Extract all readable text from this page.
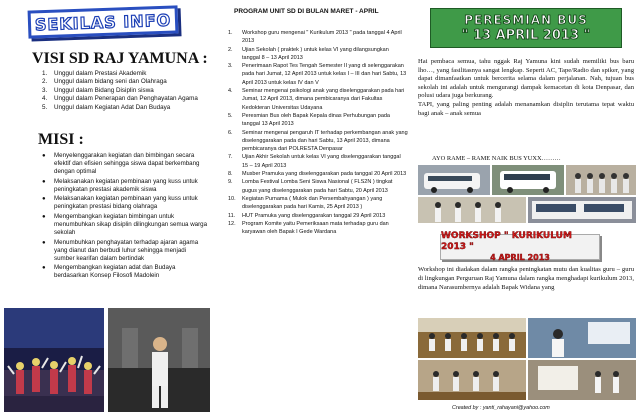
SEKILAS INFO
VISI SD RAJ YAMUNA :
1.	Unggul dalam Prestasi Akademik
2.	Unggul dalam bidang seni dan Olahraga
3.	Unggul dalam Bidang Disiplin siswa
4.	Unggul dalam Penerapan dan Penghayatan Agama
5.	Unggul dalam Kegiatan Adat Dan Budaya
MISI :
●	Menyelenggarakan kegiatan dan bimbingan secara efektif dan efisien sehingga siswa dapat berkembang dengan optimal
●	Melaksanakan kegiatan pembinaan yang kuss untuk peningkatan prestasi akademik siswa
●	Melaksanakan kegiatan pembinaan yang kuss untuk peningkatan prestasi bidang olahraga
●	Mengembangkan kegiatan bimbingan untuk menumbuhkan sikap disiplin dilingkungan semua warga sekolah
●	Menumbuhkan penghayatan terhadap ajaran agama yang dianut dan berbudi luhur sehingga menjadi sumber kearifan dalam bertindak
●	Mengembangkan kegiatan adat dan Budaya berdasarkan Konsep Filosofi Madolein
PROGRAM UNIT SD DI BULAN MARET - APRIL
1.	Workshop guru mengenai " Kurikulum 2013 " pada tanggal 4 April 2013
2.	Ujian Sekolah ( praktek ) untuk kelas VI yang dilangsungkan tanggal 8 – 13 April 2013
3.	Penerimaan Rapot Tes Tengah Semester II yang di selenggarakan pada hari Jumat, 12 April 2013 untuk kelas I – III dan hari Sabtu, 13 April 2013 untuk kelas IV dan V
4.	Seminar mengenai psikologi anak yang diselenggarakan pada hari Jumat, 12 April 2013, dimana pembicaranya dari Fakultas Kedokteran Universitas Udayana
5.	Peresmian Bus oleh Bapak Kepala dinas Perhubungan pada tanggal 13 April 2013
6.	Seminar mengenai pengaruh IT terhadap perkembangan anak yang diselenggarakan pada dan hari Sabtu, 13 April 2013, dimana pembicaranya dari POLRESTA Denpasar
7.	Ujian Akhir Sekolah untuk kelas VI yang diselenggarakan tanggal 15 – 19 April 2013
8.	Musber Pramuka yang diselenggarakan pada tanggal 20 April 2013
9.	Lomba Festival Lomba Seni Siswa Nasional ( FLS2N ) tingkat gugus yang diselenggarakan pada hari Sabtu, 20 April 2013
10.	Kegiatan Purnama ( Mulok dan Persembahyangan ) yang diselenggarakan pada hari Kamis, 25 April 2013 )
11.	HUT Pramuka yang diselenggarakan tanggal 29 April 2013
12.	Program Komite yaitu Pemeriksaan mata terhadap guru dan karyawan oleh Bapak I Gede Wardana
PERESMIAN BUS
" 13 APRIL 2013 "

Hai pembaca semua, tahu nggak Raj Yamuna kini sudah memiliki bus baru lho…, yang fasilitasnya sangat lengkap. Seperti AC, Tape/Radio dan spiker, yang dapat dimanfaatkan untuk bercerita selama dalam perjalanan. Nah, tujuan bus sekolah ini adalah untuk mengurangi dampak kemacetan di kota Denpasar, dan polusi udara juga berkurang.

TAPI, yang paling penting adalah menanamkan disiplin terutama tepat waktu bagi anak – anak semua

AYO RAME – RAME NAIK BUS YUXX………
WORKSHOP " KURIKULUM 2013 "
4 APRIL 2013
Workshop ini diadakan dalam rangka peningkatan mutu dan kualitas guru – guru di lingkungan Perguruan Raj Yamuna dalam rangka menghadapi kurikulum 2013, dimana Narasumbernya adalah Bapak Widana yang
Created by : yanti_rahayani@yahoo.com
